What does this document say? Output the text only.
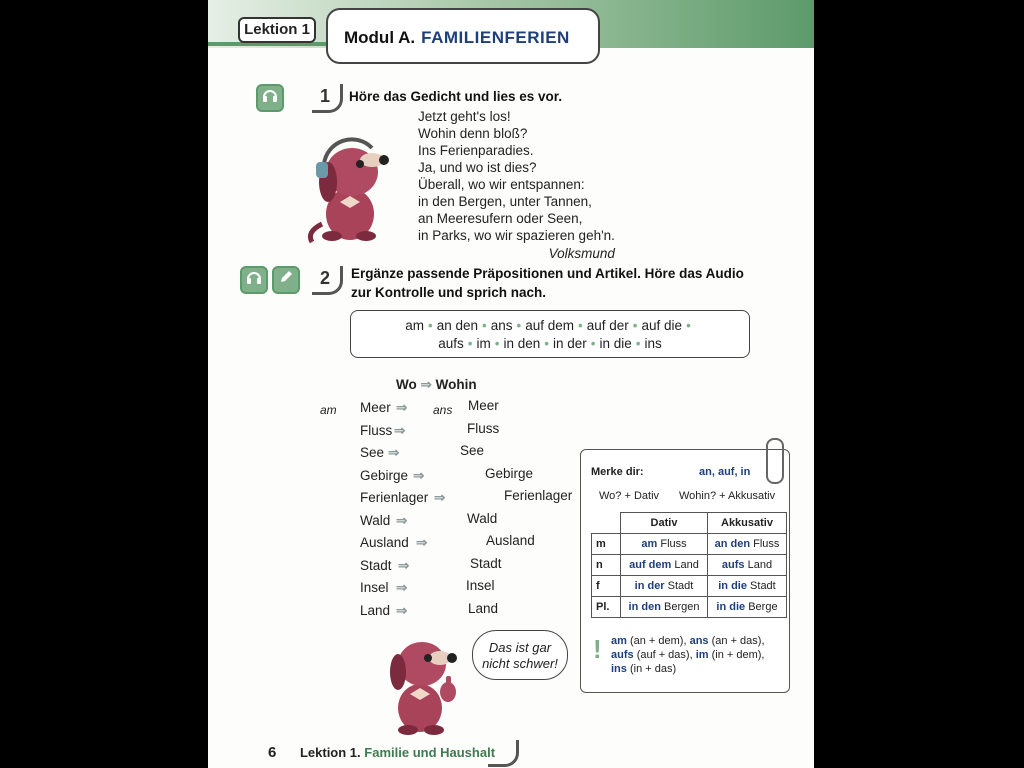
Lektion 1	Modul A. FAMILIENFERIEN
1 Höre das Gedicht und lies es vor.
Jetzt geht's los!
Wohin denn bloß?
Ins Ferienparadies.
Ja, und wo ist dies?
Überall, wo wir entspannen:
in den Bergen, unter Tannen,
an Meeresufern oder Seen,
in Parks, wo wir spazieren geh'n.
Volksmund
2 Ergänze passende Präpositionen und Artikel. Höre das Audio
zur Kontrolle und sprich nach.
am • an den • ans • auf dem • auf der • auf die •
aufs • im • in den • in der • in die • ins
Wo ⇒ Wohin
am	ans
Meer ⇒	Meer
Fluss ⇒	Fluss
See ⇒	See
Gebirge ⇒	Gebirge
Ferienlager ⇒	Ferienlager
Wald ⇒	Wald
Ausland ⇒	Ausland
Stadt ⇒	Stadt
Insel ⇒	Insel
Land ⇒	Land
Das ist gar
nicht schwer!
Merke dir:	an, auf, in
Wo? + Dativ Wohin? + Akkusativ
	Dativ	Akkusativ
m	am Fluss	an den Fluss
n	auf dem Land	aufs Land
f	in der Stadt	in die Stadt
Pl.	in den Bergen	in die Berge
! am (an + dem), ans (an + das),
aufs (auf + das), im (in + dem),
ins (in + das)
6 Lektion 1. Familie und Haushalt
